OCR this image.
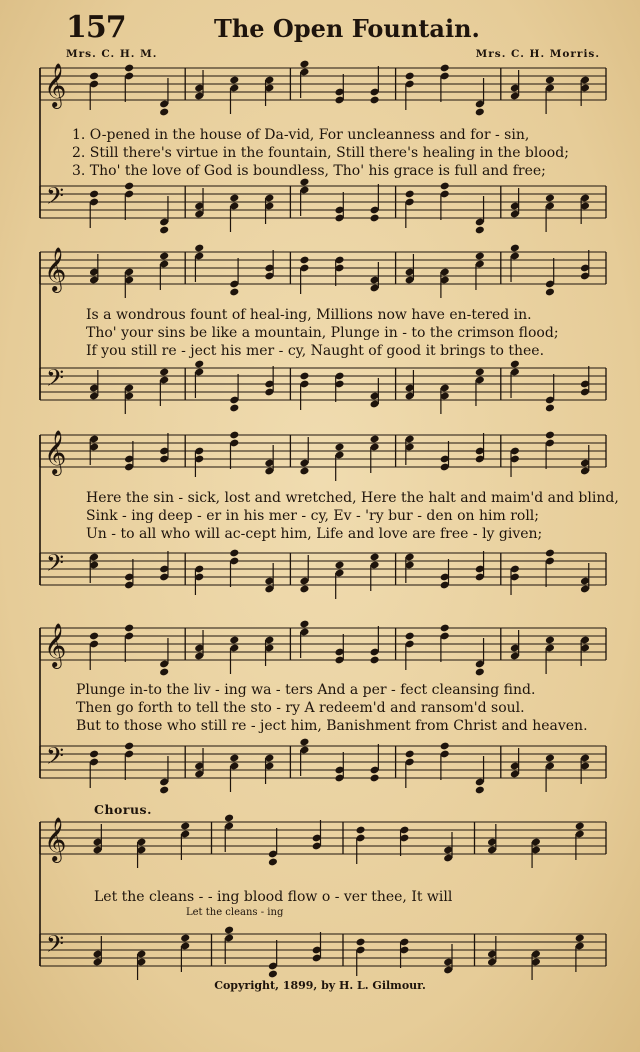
157	The Open Fountain.
Mrs. C. H. M.	Mrs. C. H. Morris.
𝄞
𝄢
𝄞
𝄢
𝄞
𝄢
𝄞
𝄢
𝄞
𝄢
1. O-pened in the house of Da-vid, For uncleanness and for - sin,
2. Still there's virtue in the fountain, Still there's healing in the blood;
3. Tho' the love of God is boundless, Tho' his grace is full and free;
Is a wondrous fount of heal-ing, Millions now have en-tered in.
Tho' your sins be like a mountain, Plunge in - to the crimson flood;
If you still re - ject his mer - cy, Naught of good it brings to thee.
Here the sin - sick, lost and wretched, Here the halt and maim'd and blind,
Sink - ing deep - er in his mer - cy, Ev - 'ry bur - den on him roll;
Un - to all who will ac-cept him, Life and love are free - ly given;
Plunge in-to the liv - ing wa - ters And a per - fect cleansing find.
Then go forth to tell the sto - ry A redeem'd and ransom'd soul.
But to those who still re - ject him, Banishment from Christ and heaven.
Chorus.
Let the cleans - - ing blood flow o - ver thee, It will
Let the cleans - ing
Copyright, 1899, by H. L. Gilmour.
